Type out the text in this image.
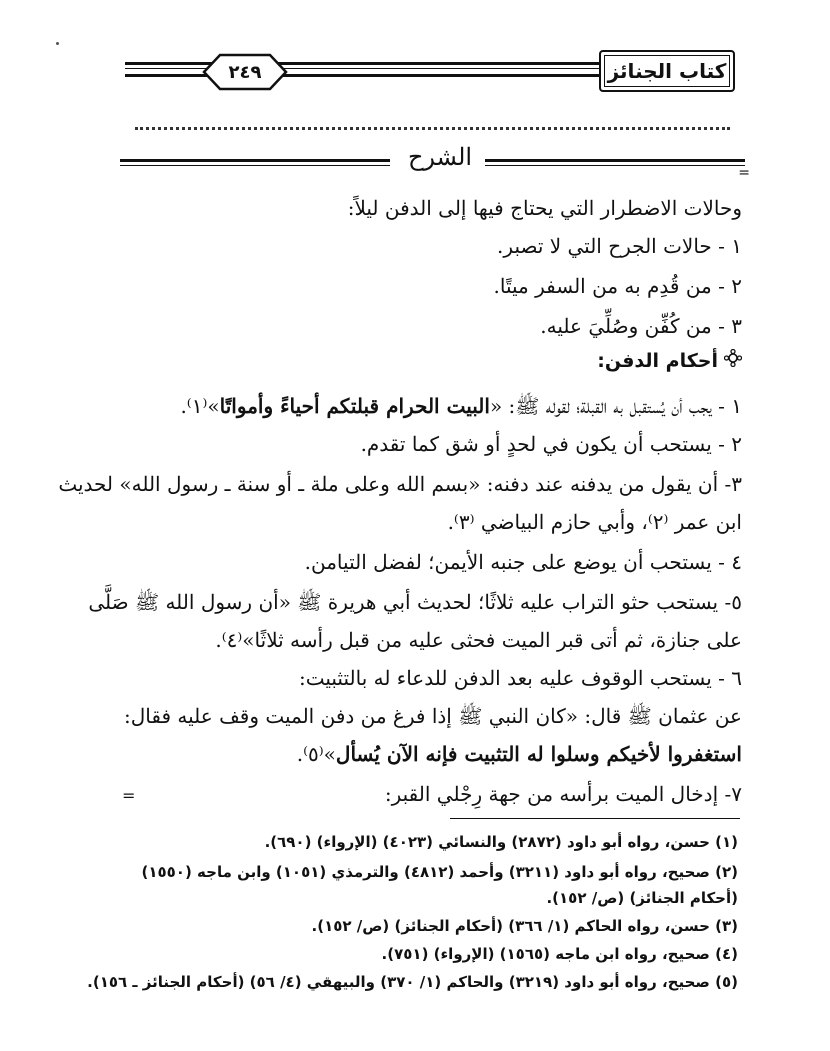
٢٤٩	كتاب الجنائز
الشرح
=
وحالات الاضطرار التي يحتاج فيها إلى الدفن ليلاً:
١ - حالات الجرح التي لا تصبر.
٢ - من قُدِم به من السفر ميتًا.
٣ - من كُفِّن وصُلِّيَ عليه.
أحكام الدفن:
١ - يجب أن يُستقبل به القبلة؛ لقوله ﷺ: «البيت الحرام قبلتكم أحياءً وأمواتًا»⁽١⁾.
٢ - يستحب أن يكون في لحدٍ أو شق كما تقدم.
٣- أن يقول من يدفنه عند دفنه: «بسم الله وعلى ملة ـ أو سنة ـ رسول الله» لحديث
ابن عمر ⁽٢⁾، وأبي حازم البياضي ⁽٣⁾.
٤ - يستحب أن يوضع على جنبه الأيمن؛ لفضل التيامن.
٥- يستحب حثو التراب عليه ثلاثًا؛ لحديث أبي هريرة ﷺ «أن رسول الله ﷺ صَلَّى
على جنازة، ثم أتى قبر الميت فحثى عليه من قبل رأسه ثلاثًا»⁽٤⁾.
٦ - يستحب الوقوف عليه بعد الدفن للدعاء له بالتثبيت:
عن عثمان ﷺ قال: «كان النبي ﷺ إذا فرغ من دفن الميت وقف عليه فقال:
استغفروا لأخيكم وسلوا له التثبيت فإنه الآن يُسأل»⁽٥⁾.
٧- إدخال الميت برأسه من جهة رِجْلي القبر:
=
(١) حسن، رواه أبو داود (٢٨٧٢) والنسائي (٤٠٢٣) (الإرواء) (٦٩٠).
(٢) صحيح، رواه أبو داود (٣٢١١) وأحمد (٤٨١٢) والترمذي (١٠٥١) وابن ماجه (١٥٥٠)
(أحكام الجنائز) (ص/ ١٥٢).
(٣) حسن، رواه الحاكم (١/ ٣٦٦) (أحكام الجنائز) (ص/ ١٥٢).
(٤) صحيح، رواه ابن ماجه (١٥٦٥) (الإرواء) (٧٥١).
(٥) صحيح، رواه أبو داود (٣٢١٩) والحاكم (١/ ٣٧٠) والبيهقي (٤/ ٥٦) (أحكام الجنائز ـ ١٥٦).
